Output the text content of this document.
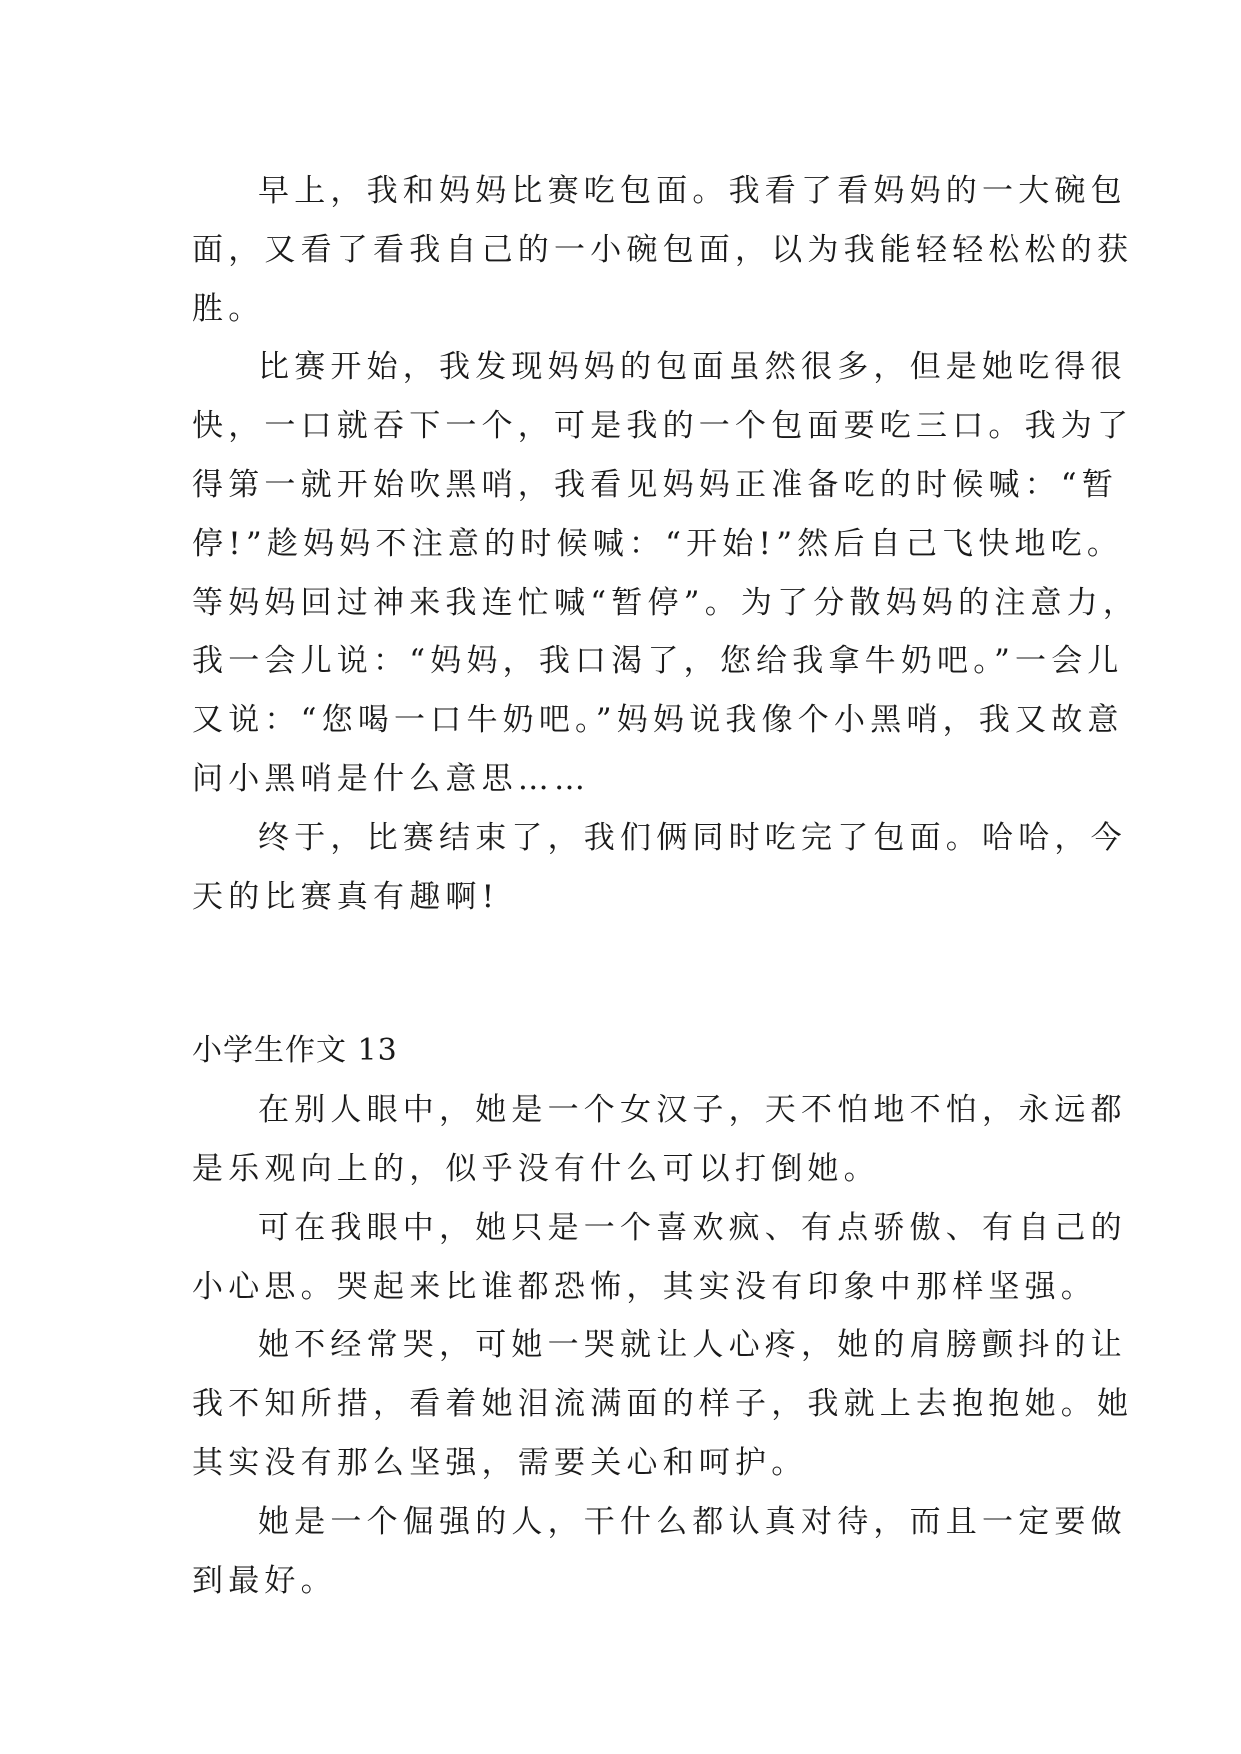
早上，我和妈妈比赛吃包面。我看了看妈妈的一大碗包
面，又看了看我自己的一小碗包面，以为我能轻轻松松的获
胜。
比赛开始，我发现妈妈的包面虽然很多，但是她吃得很
快，一口就吞下一个，可是我的一个包面要吃三口。我为了
得第一就开始吹黑哨，我看见妈妈正准备吃的时候喊：“暂
停!”趁妈妈不注意的时候喊：“开始!”然后自己飞快地吃。
等妈妈回过神来我连忙喊“暂停”。为了分散妈妈的注意力，
我一会儿说：“妈妈，我口渴了，您给我拿牛奶吧。”一会儿
又说：“您喝一口牛奶吧。”妈妈说我像个小黑哨，我又故意
问小黑哨是什么意思……
终于，比赛结束了，我们俩同时吃完了包面。哈哈，今
天的比赛真有趣啊!
小学生作文 13
在别人眼中，她是一个女汉子，天不怕地不怕，永远都
是乐观向上的，似乎没有什么可以打倒她。
可在我眼中，她只是一个喜欢疯、有点骄傲、有自己的
小心思。哭起来比谁都恐怖，其实没有印象中那样坚强。
她不经常哭，可她一哭就让人心疼，她的肩膀颤抖的让
我不知所措，看着她泪流满面的样子，我就上去抱抱她。她
其实没有那么坚强，需要关心和呵护。
她是一个倔强的人，干什么都认真对待，而且一定要做
到最好。
